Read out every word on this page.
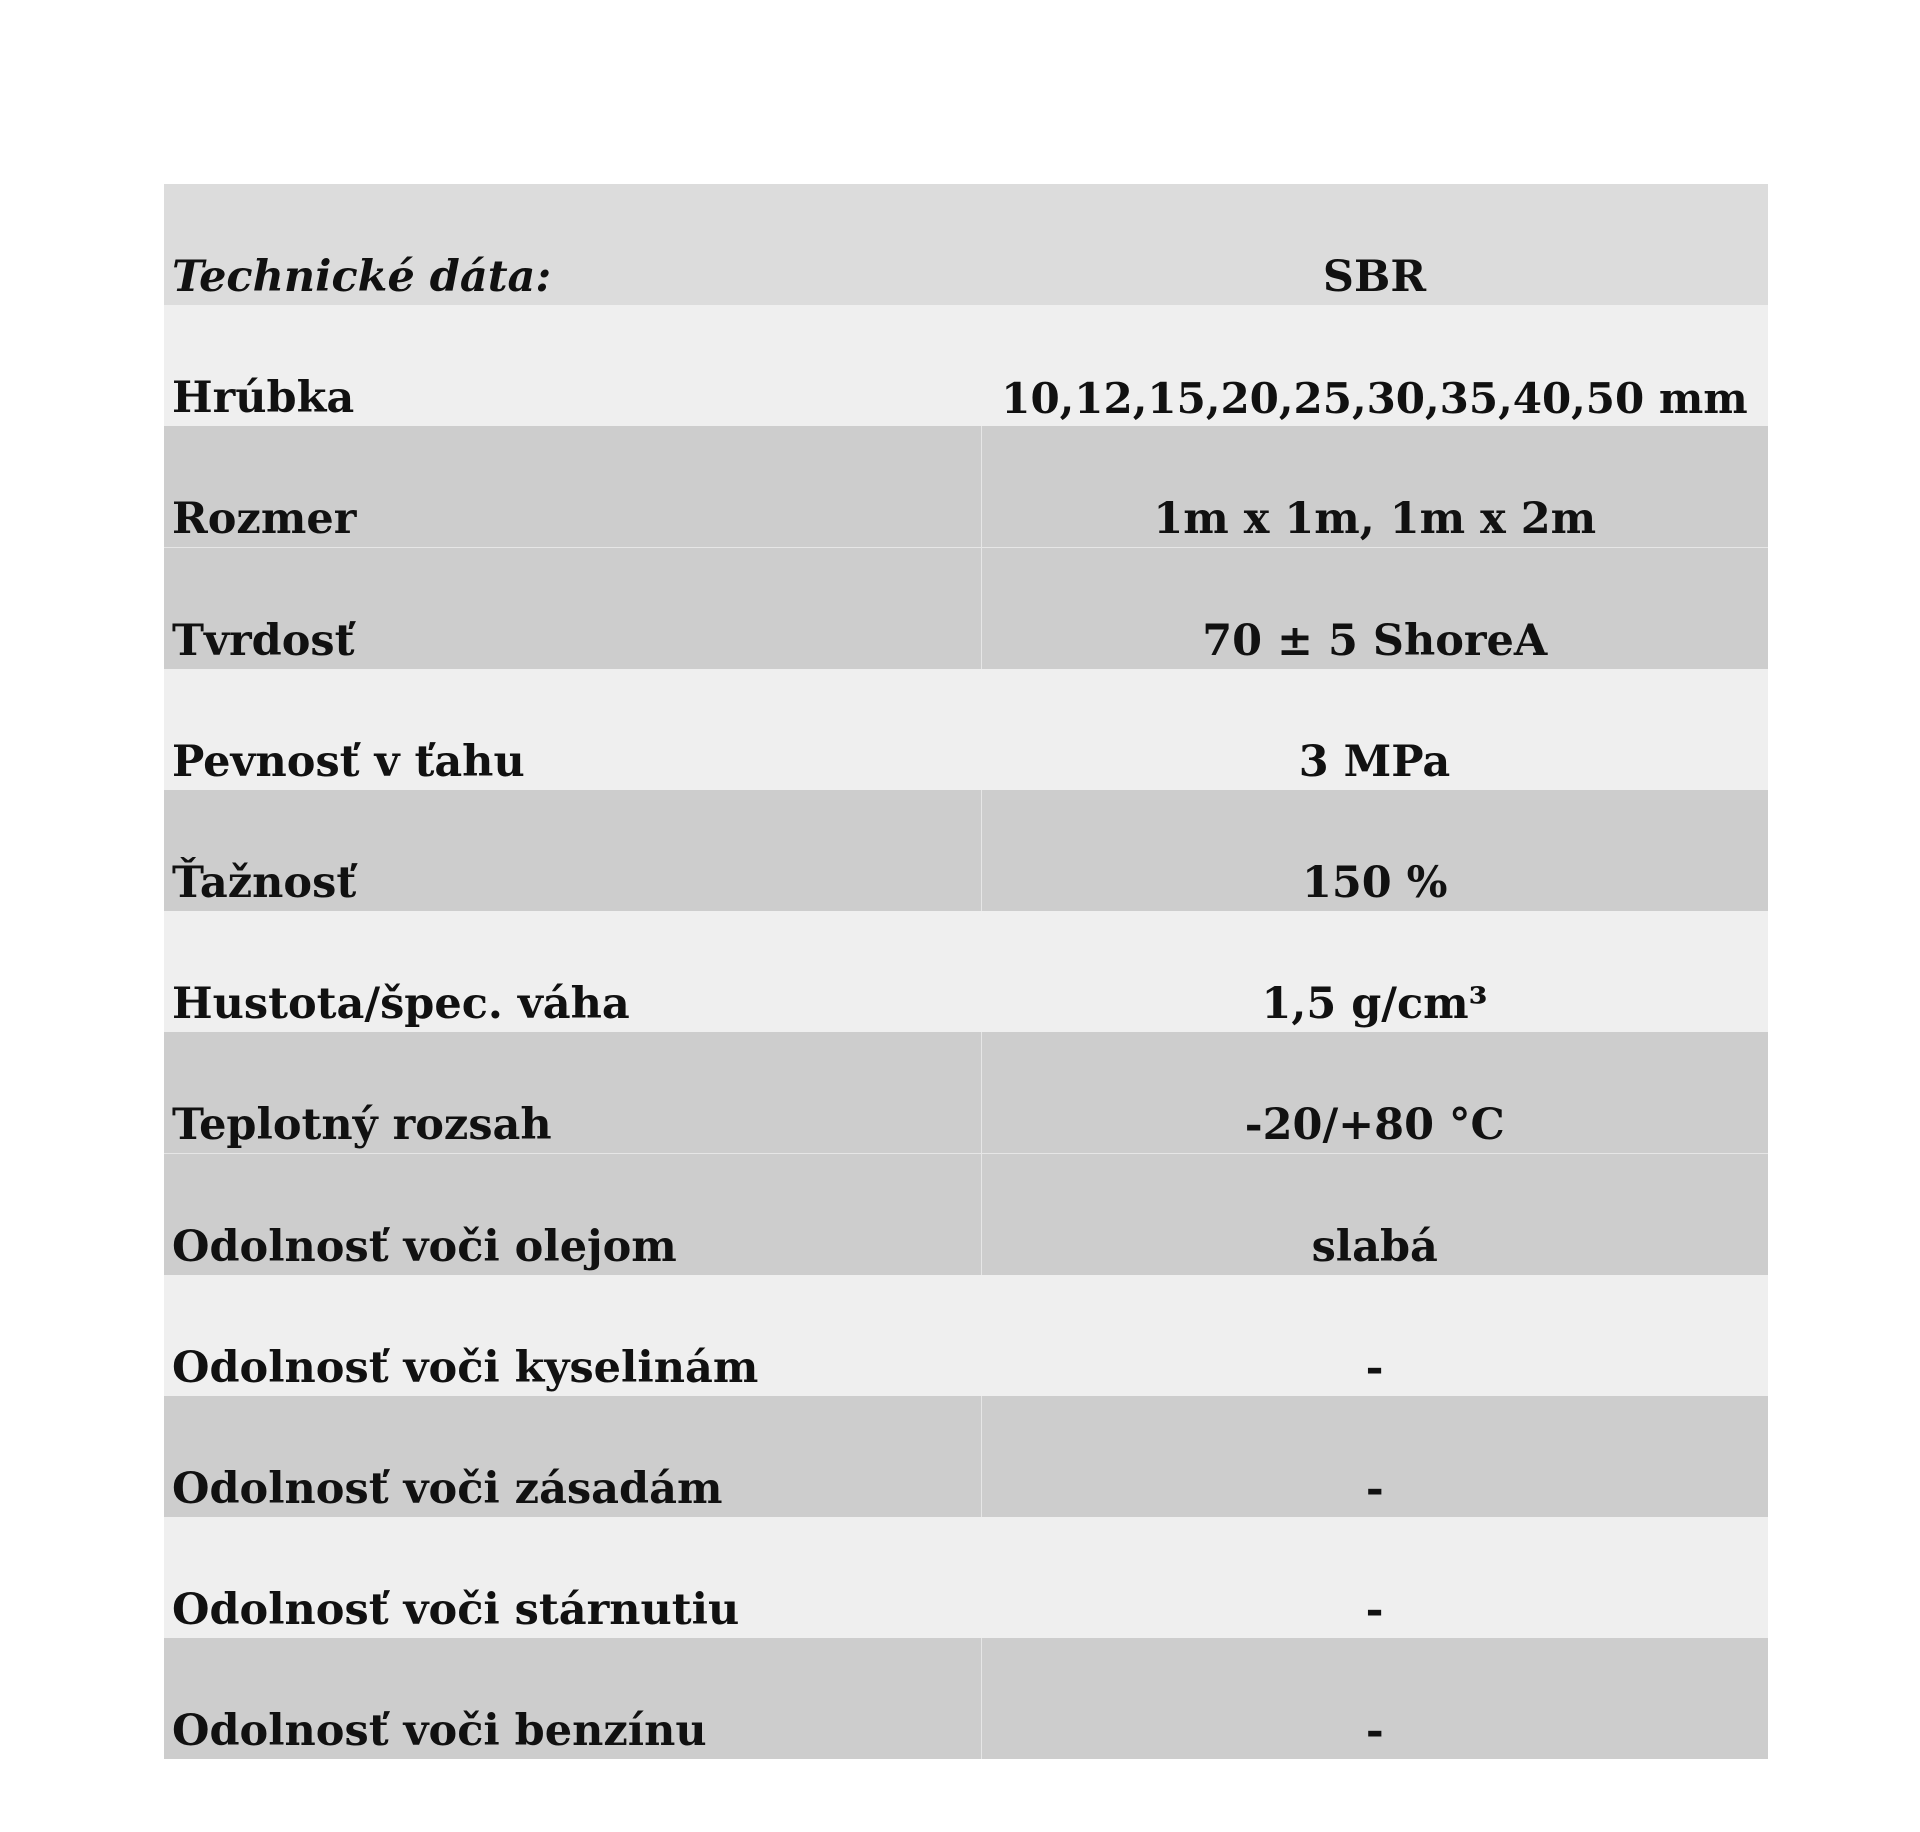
Technické dáta:	SBR
Hrúbka	10,12,15,20,25,30,35,40,50 mm
Rozmer	1m x 1m, 1m x 2m
Tvrdosť	70 ± 5 ShoreA
Pevnosť v ťahu	3 MPa
Ťažnosť	150 %
Hustota/špec. váha	1,5 g/cm³
Teplotný rozsah	-20/+80 °C
Odolnosť voči olejom	slabá
Odolnosť voči kyselinám	-
Odolnosť voči zásadám	-
Odolnosť voči stárnutiu	-
Odolnosť voči benzínu	-
